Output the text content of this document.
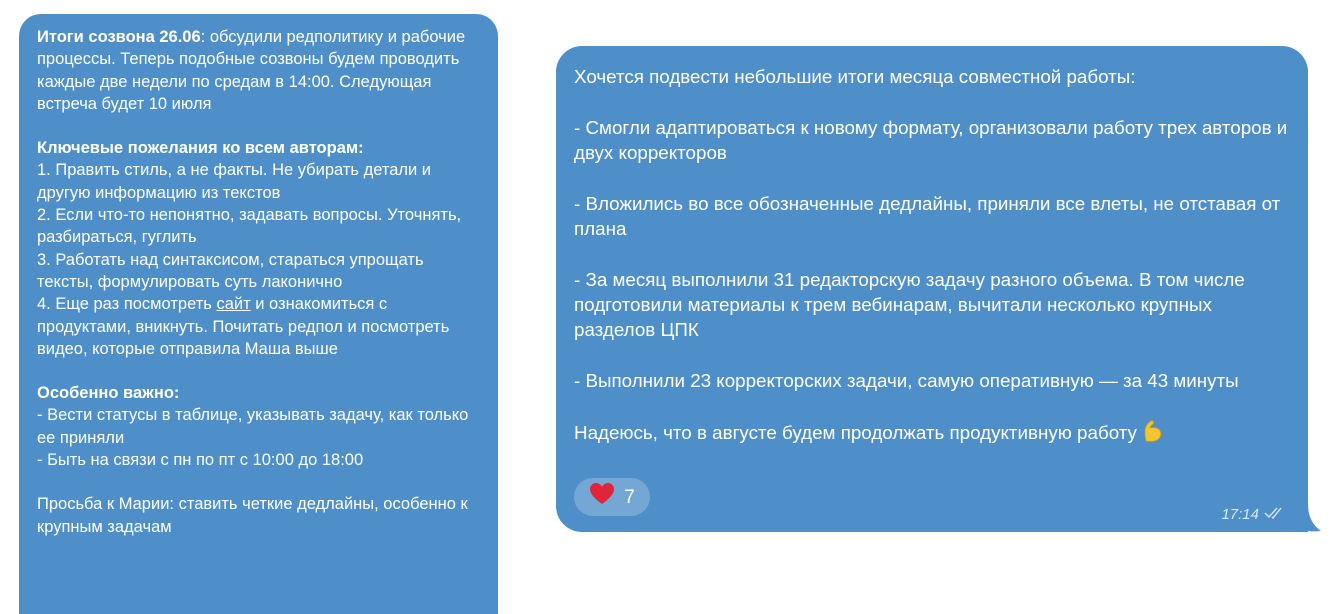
Итоги созвона 26.06: обсудили редполитику и рабочие процессы. Теперь подобные созвоны будем проводить каждые две недели по средам в 14:00. Следующая встреча будет 10 июля

Ключевые пожелания ко всем авторам:

1. Править стиль, а не факты. Не убирать детали и другую информацию из текстов

2. Если что-то непонятно, задавать вопросы. Уточнять, разбираться, гуглить

3. Работать над синтаксисом, стараться упрощать тексты, формулировать суть лаконично

4. Еще раз посмотреть сайт и ознакомиться с продуктами, вникнуть. Почитать редпол и посмотреть видео, которые отправила Маша выше

Особенно важно:

- Вести статусы в таблице, указывать задачу, как только ее приняли

- Быть на связи с пн по пт с 10:00 до 18:00

Просьба к Марии: ставить четкие дедлайны, особенно к крупным задачам

Хочется подвести небольшие итоги месяца совместной работы:

- Смогли адаптироваться к новому формату, организовали работу трех авторов и двух корректоров

- Вложились во все обозначенные дедлайны, приняли все влеты, не отставая от плана

- За месяц выполнили 31 редакторскую задачу разного объема. В том числе подготовили материалы к трем вебинарам, вычитали несколько крупных разделов ЦПК

- Выполнили 23 корректорских задачи, самую оперативную — за 43 минуты

Надеюсь, что в августе будем продолжать продуктивную работу

7
17:14
